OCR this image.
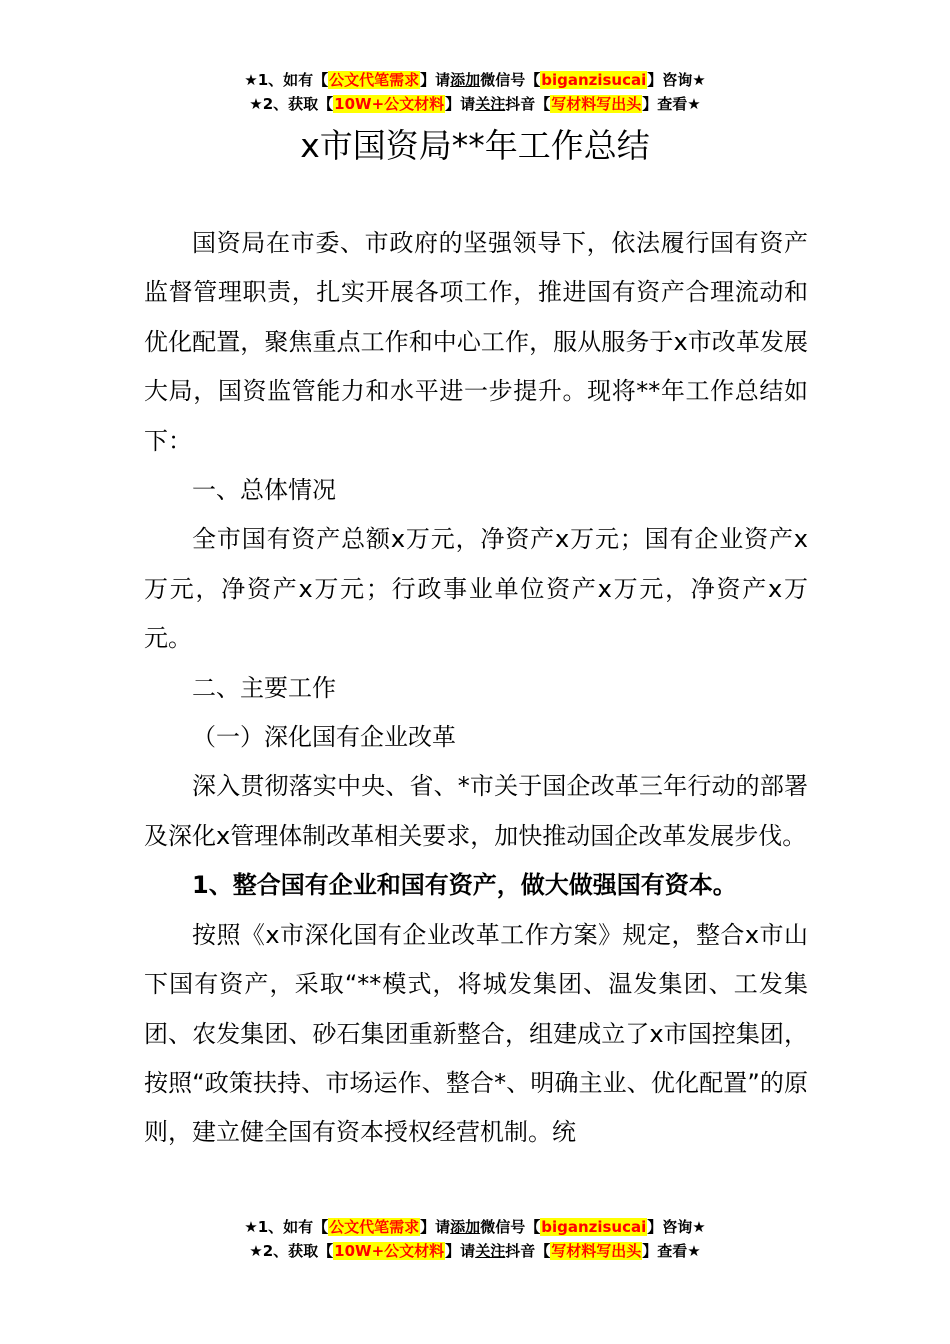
★1、如有【公文代笔需求】请添加微信号【biganzisucai】咨询★
★2、获取【10W+公文材料】请关注抖音【写材料写出头】查看★
x市国资局**年工作总结

国资局在市委、市政府的坚强领导下，依法履行国有资产监督管理职责，扎实开展各项工作，推进国有资产合理流动和优化配置，聚焦重点工作和中心工作，服从服务于x市改革发展大局，国资监管能力和水平进一步提升。现将**年工作总结如下：

一、总体情况

全市国有资产总额x万元，净资产x万元；国有企业资产x万元，净资产x万元；行政事业单位资产x万元，净资产x万元。

二、主要工作

（一）深化国有企业改革

深入贯彻落实中央、省、*市关于国企改革三年行动的部署及深化x管理体制改革相关要求，加快推动国企改革发展步伐。

1、整合国有企业和国有资产，做大做强国有资本。

按照《x市深化国有企业改革工作方案》规定，整合x市山下国有资产，采取“**模式，将城发集团、温发集团、工发集团、农发集团、砂石集团重新整合，组建成立了x市国控集团，按照“政策扶持、市场运作、整合*、明确主业、优化配置”的原则，建立健全国有资本授权经营机制。统

★1、如有【公文代笔需求】请添加微信号【biganzisucai】咨询★
★2、获取【10W+公文材料】请关注抖音【写材料写出头】查看★
